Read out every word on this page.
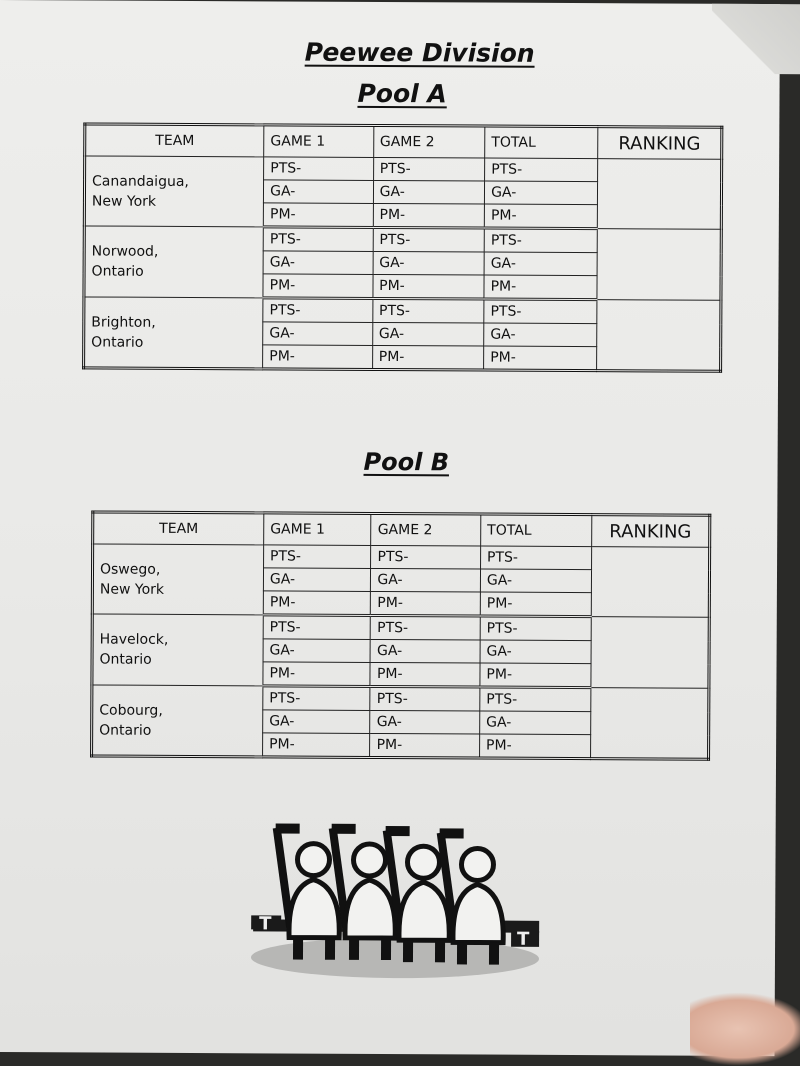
Peewee Division
Pool A
TEAM	GAME 1	GAME 2	TOTAL	RANKING
Canandaigua,
New York	PTS-	PTS-	PTS-	
	GA-	GA-	GA-	
	PM-	PM-	PM-	
Norwood,
Ontario	PTS-	PTS-	PTS-	
	GA-	GA-	GA-	
	PM-	PM-	PM-	
Brighton,
Ontario	PTS-	PTS-	PTS-	
	GA-	GA-	GA-	
	PM-	PM-	PM-	
Pool B
TEAM	GAME 1	GAME 2	TOTAL	RANKING
Oswego,
New York	PTS-	PTS-	PTS-	
	GA-	GA-	GA-	
	PM-	PM-	PM-	
Havelock,
Ontario	PTS-	PTS-	PTS-	
	GA-	GA-	GA-	
	PM-	PM-	PM-	
Cobourg,
Ontario	PTS-	PTS-	PTS-	
	GA-	GA-	GA-	
	PM-	PM-	PM-	
T
T
